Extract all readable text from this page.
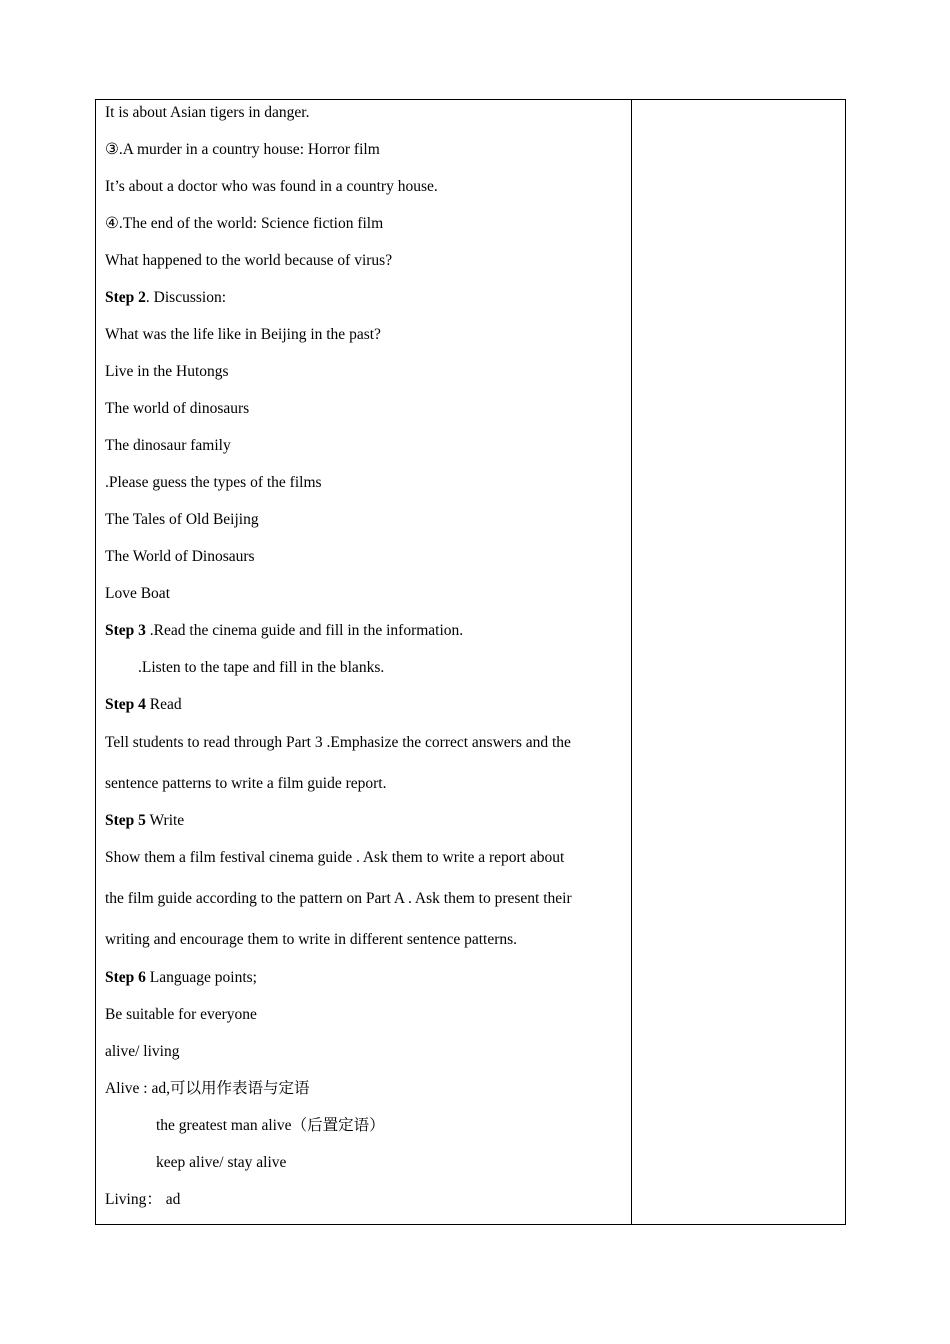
It is about Asian tigers in danger.
③.A murder in a country house: Horror film
It’s about a doctor who was found in a country house.
④.The end of the world: Science fiction film
What happened to the world because of virus?
Step 2. Discussion:
What was the life like in Beijing in the past?
Live in the Hutongs
The world of dinosaurs
The dinosaur family
.Please guess the types of the films
The Tales of Old Beijing
The World of Dinosaurs
Love Boat
Step 3 .Read the cinema guide and fill in the information.
.Listen to the tape and fill in the blanks.
Step 4 Read
Tell students to read through Part 3 .Emphasize the correct answers and the
sentence patterns to write a film guide report.
Step 5 Write
Show them a film festival cinema guide . Ask them to write a report about
the film guide according to the pattern on Part A . Ask them to present their
writing and encourage them to write in different sentence patterns.
Step 6 Language points;
Be suitable for everyone
alive/ living
Alive : ad,可以用作表语与定语
the greatest man alive（后置定语）
keep alive/ stay alive
Living： ad
